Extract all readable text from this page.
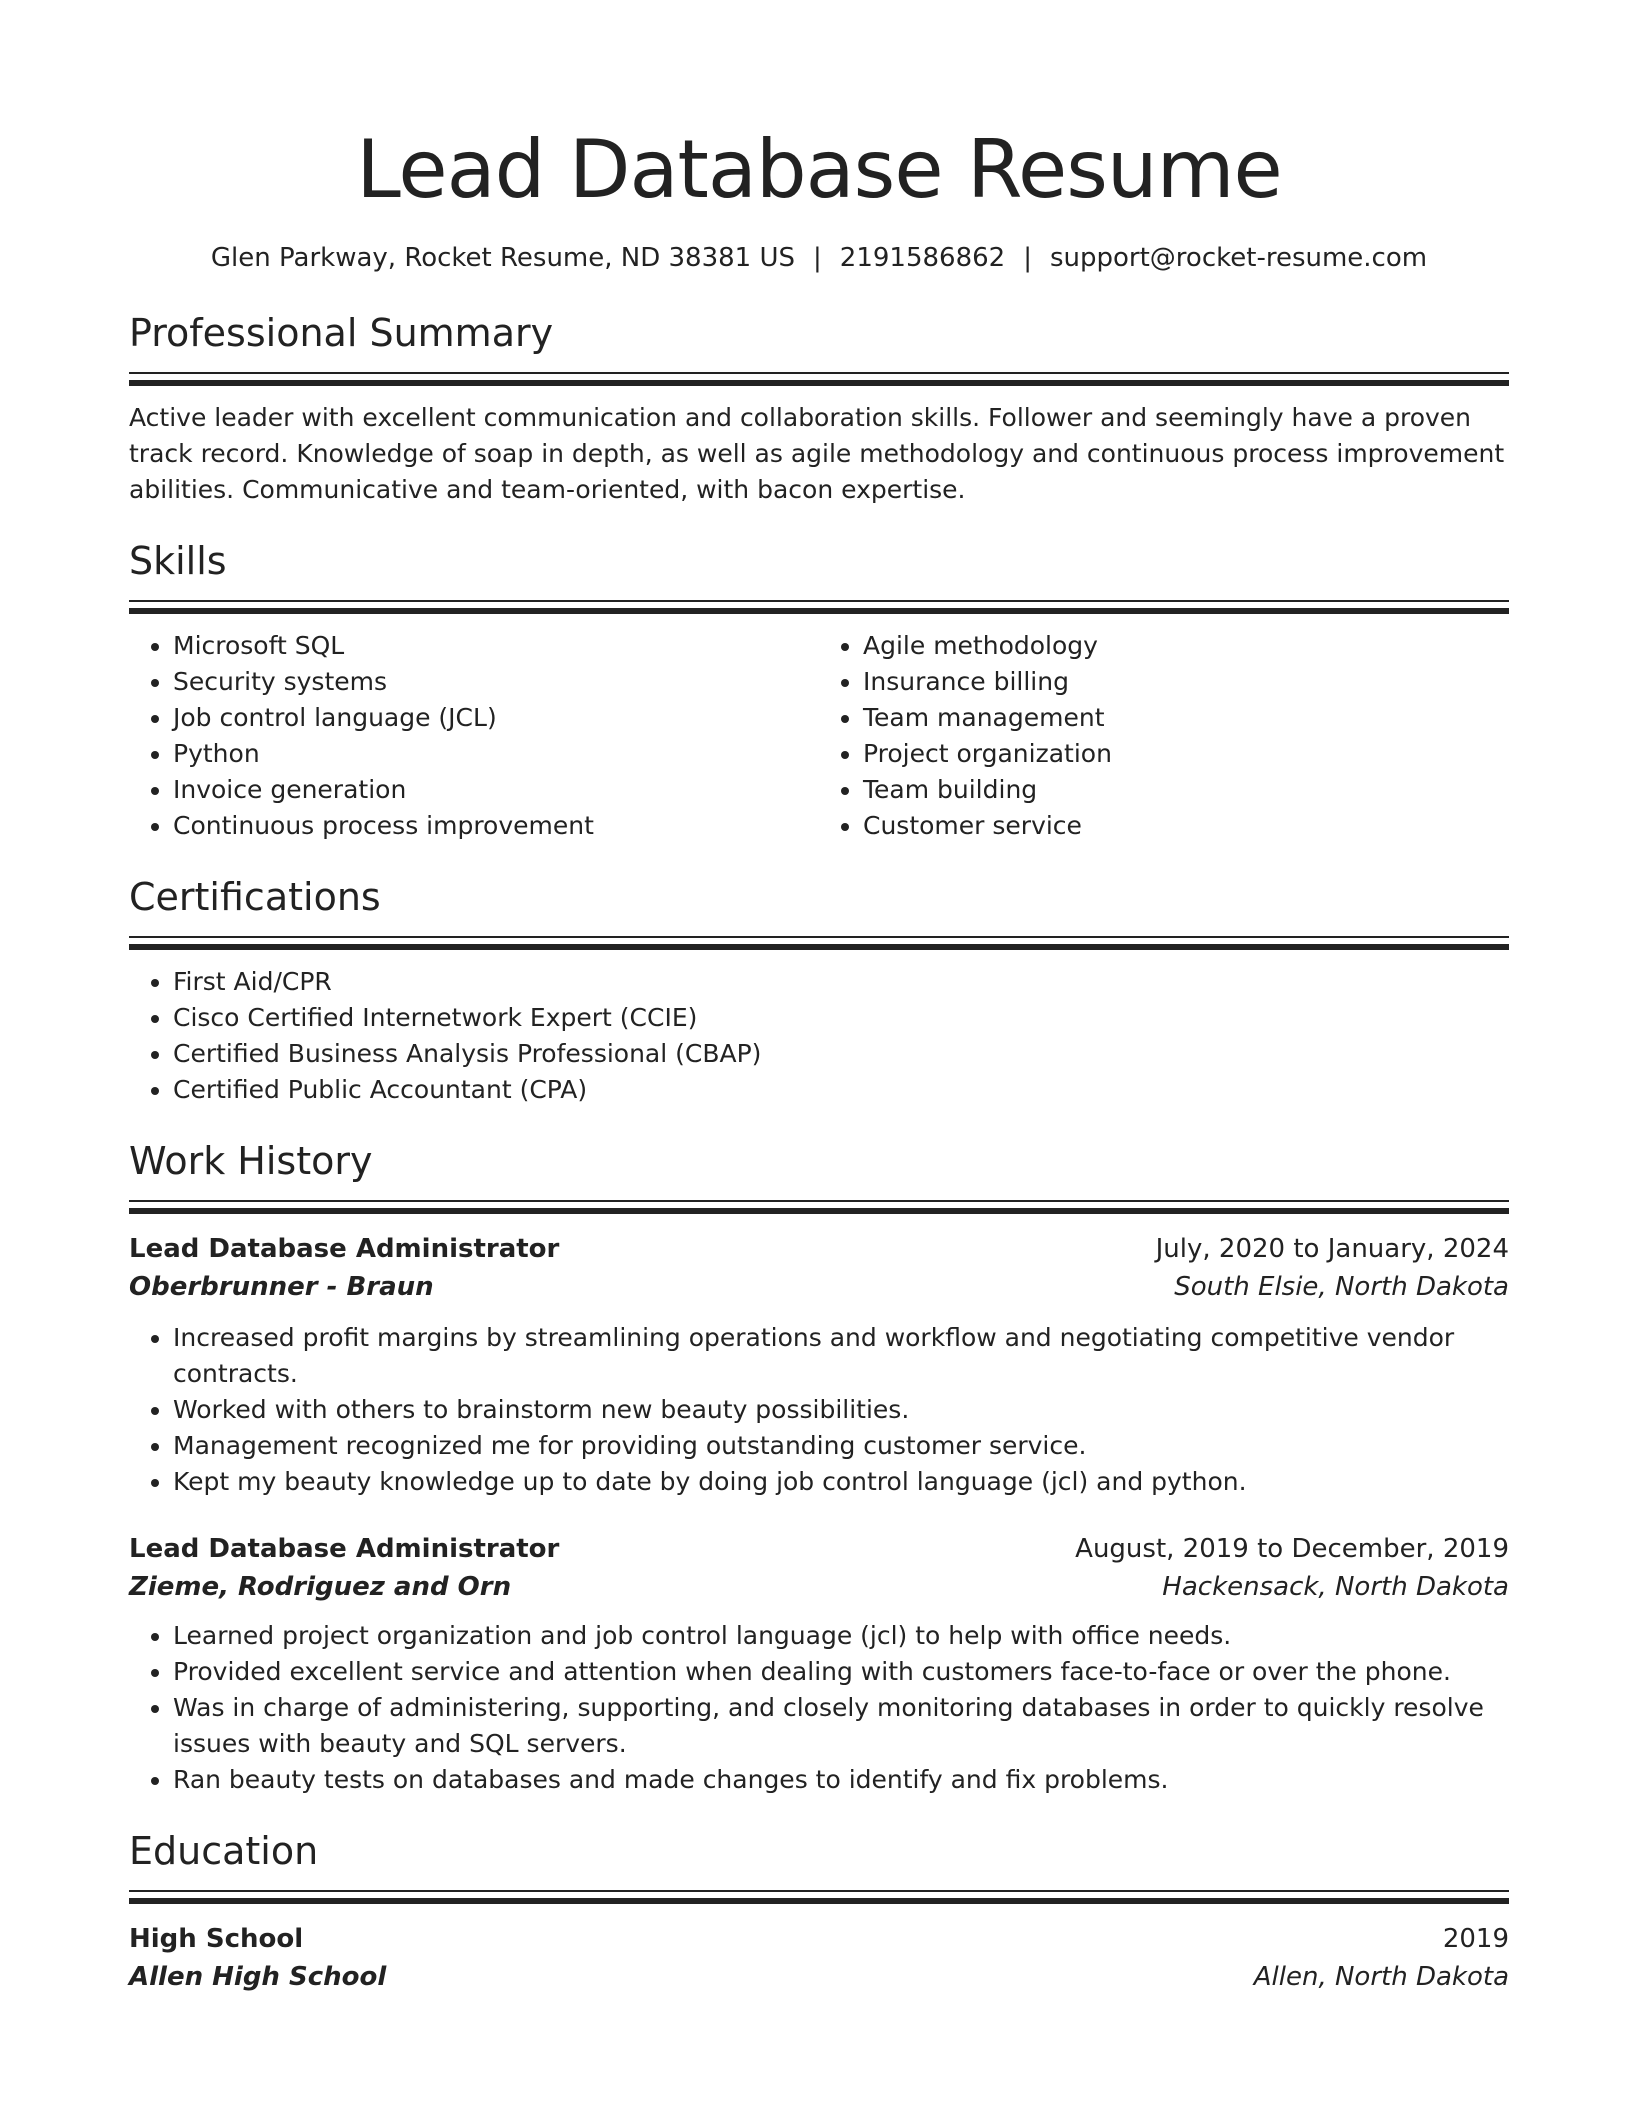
Lead Database Resume
Glen Parkway, Rocket Resume, ND 38381 US | 2191586862 | support@rocket-resume.com
Professional Summary
Active leader with excellent communication and collaboration skills. Follower and seemingly have a proven track record. Knowledge of soap in depth, as well as agile methodology and continuous process improvement abilities. Communicative and team-oriented, with bacon expertise.
Skills
• Microsoft SQL
• Security systems
• Job control language (JCL)
• Python
• Invoice generation
• Continuous process improvement
• Agile methodology
• Insurance billing
• Team management
• Project organization
• Team building
• Customer service
Certifications
• First Aid/CPR
• Cisco Certified Internetwork Expert (CCIE)
• Certified Business Analysis Professional (CBAP)
• Certified Public Accountant (CPA)
Work History
Lead Database Administrator	July, 2020 to January, 2024
Oberbrunner - Braun	South Elsie, North Dakota
• Increased profit margins by streamlining operations and workflow and negotiating competitive vendor contracts.
• Worked with others to brainstorm new beauty possibilities.
• Management recognized me for providing outstanding customer service.
• Kept my beauty knowledge up to date by doing job control language (jcl) and python.
Lead Database Administrator	August, 2019 to December, 2019
Zieme, Rodriguez and Orn	Hackensack, North Dakota
• Learned project organization and job control language (jcl) to help with office needs.
• Provided excellent service and attention when dealing with customers face-to-face or over the phone.
• Was in charge of administering, supporting, and closely monitoring databases in order to quickly resolve issues with beauty and SQL servers.
• Ran beauty tests on databases and made changes to identify and fix problems.
Education
High School	2019
Allen High School	Allen, North Dakota
